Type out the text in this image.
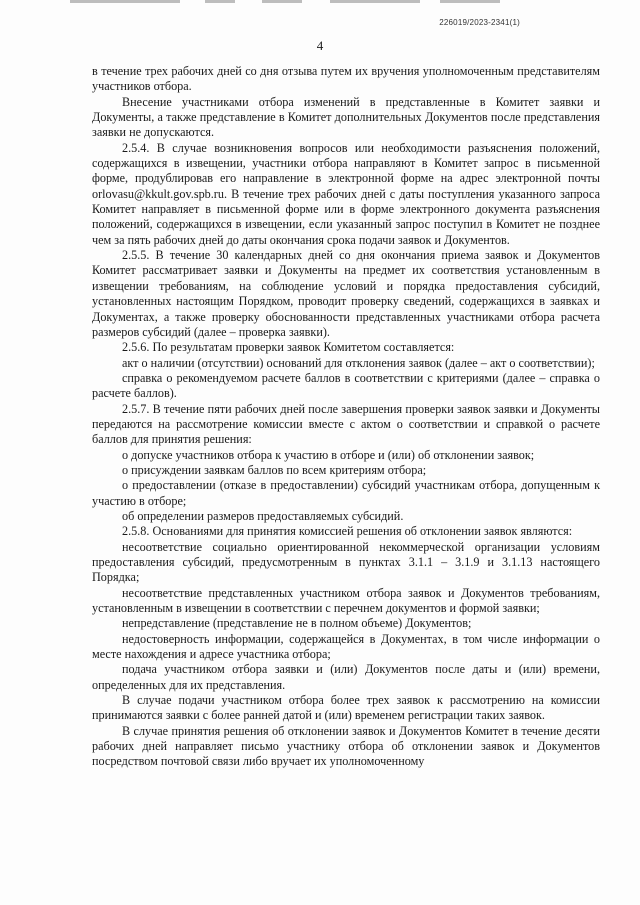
226019/2023-2341(1)
4

в течение трех рабочих дней со дня отзыва путем их вручения уполномоченным представителям участников отбора.

Внесение участниками отбора изменений в представленные в Комитет заявки и Документы, а также представление в Комитет дополнительных Документов после представления заявки не допускаются.

2.5.4. В случае возникновения вопросов или необходимости разъяснения положений, содержащихся в извещении, участники отбора направляют в Комитет запрос в письменной форме, продублировав его направление в электронной форме на адрес электронной почты orlovasu@kkult.gov.spb.ru. В течение трех рабочих дней с даты поступления указанного запроса Комитет направляет в письменной форме или в форме электронного документа разъяснения положений, содержащихся в извещении, если указанный запрос поступил в Комитет не позднее чем за пять рабочих дней до даты окончания срока подачи заявок и Документов.

2.5.5. В течение 30 календарных дней со дня окончания приема заявок и Документов Комитет рассматривает заявки и Документы на предмет их соответствия установленным в извещении требованиям, на соблюдение условий и порядка предоставления субсидий, установленных настоящим Порядком, проводит проверку сведений, содержащихся в заявках и Документах, а также проверку обоснованности представленных участниками отбора расчета размеров субсидий (далее – проверка заявки).

2.5.6. По результатам проверки заявок Комитетом составляется:

акт о наличии (отсутствии) оснований для отклонения заявок (далее – акт о соответствии);

справка о рекомендуемом расчете баллов в соответствии с критериями (далее – справка о расчете баллов).

2.5.7. В течение пяти рабочих дней после завершения проверки заявок заявки и Документы передаются на рассмотрение комиссии вместе с актом о соответствии и справкой о расчете баллов для принятия решения:

о допуске участников отбора к участию в отборе и (или) об отклонении заявок;

о присуждении заявкам баллов по всем критериям отбора;

о предоставлении (отказе в предоставлении) субсидий участникам отбора, допущенным к участию в отборе;

об определении размеров предоставляемых субсидий.

2.5.8. Основаниями для принятия комиссией решения об отклонении заявок являются:

несоответствие социально ориентированной некоммерческой организации условиям предоставления субсидий, предусмотренным в пунктах 3.1.1 – 3.1.9 и 3.1.13 настоящего Порядка;

несоответствие представленных участником отбора заявок и Документов требованиям, установленным в извещении в соответствии с перечнем документов и формой заявки;

непредставление (представление не в полном объеме) Документов;

недостоверность информации, содержащейся в Документах, в том числе информации о месте нахождения и адресе участника отбора;

подача участником отбора заявки и (или) Документов после даты и (или) времени, определенных для их представления.

В случае подачи участником отбора более трех заявок к рассмотрению на комиссии принимаются заявки с более ранней датой и (или) временем регистрации таких заявок.

В случае принятия решения об отклонении заявок и Документов Комитет в течение десяти рабочих дней направляет письмо участнику отбора об отклонении заявок и Документов посредством почтовой связи либо вручает их уполномоченному
